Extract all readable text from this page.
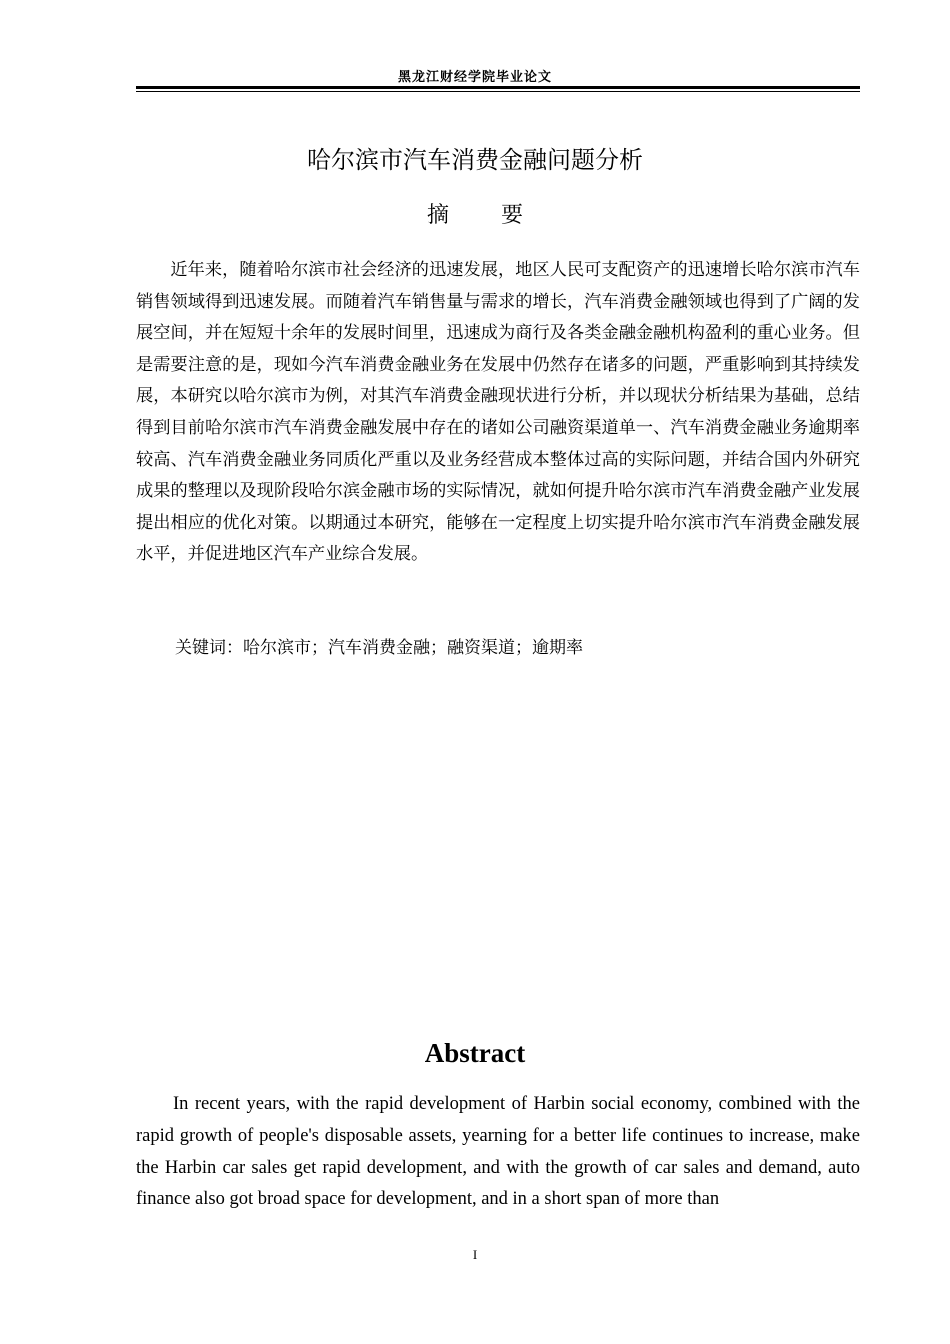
黑龙江财经学院毕业论文
哈尔滨市汽车消费金融问题分析
摘 要

近年来，随着哈尔滨市社会经济的迅速发展，地区人民可支配资产的迅速增长哈尔滨市汽车销售领域得到迅速发展。而随着汽车销售量与需求的增长，汽车消费金融领域也得到了广阔的发展空间，并在短短十余年的发展时间里，迅速成为商行及各类金融金融机构盈利的重心业务。但是需要注意的是，现如今汽车消费金融业务在发展中仍然存在诸多的问题，严重影响到其持续发展，本研究以哈尔滨市为例，对其汽车消费金融现状进行分析，并以现状分析结果为基础，总结得到目前哈尔滨市汽车消费金融发展中存在的诸如公司融资渠道单一、汽车消费金融业务逾期率较高、汽车消费金融业务同质化严重以及业务经营成本整体过高的实际问题，并结合国内外研究成果的整理以及现阶段哈尔滨金融市场的实际情况，就如何提升哈尔滨市汽车消费金融产业发展提出相应的优化对策。以期通过本研究，能够在一定程度上切实提升哈尔滨市汽车消费金融发展水平，并促进地区汽车产业综合发展。

关键词：哈尔滨市；汽车消费金融；融资渠道；逾期率
Abstract

In recent years, with the rapid development of Harbin social economy, combined with the rapid growth of people's disposable assets, yearning for a better life continues to increase, make the Harbin car sales get rapid development, and with the growth of car sales and demand, auto finance also got broad space for development, and in a short span of more than

I
